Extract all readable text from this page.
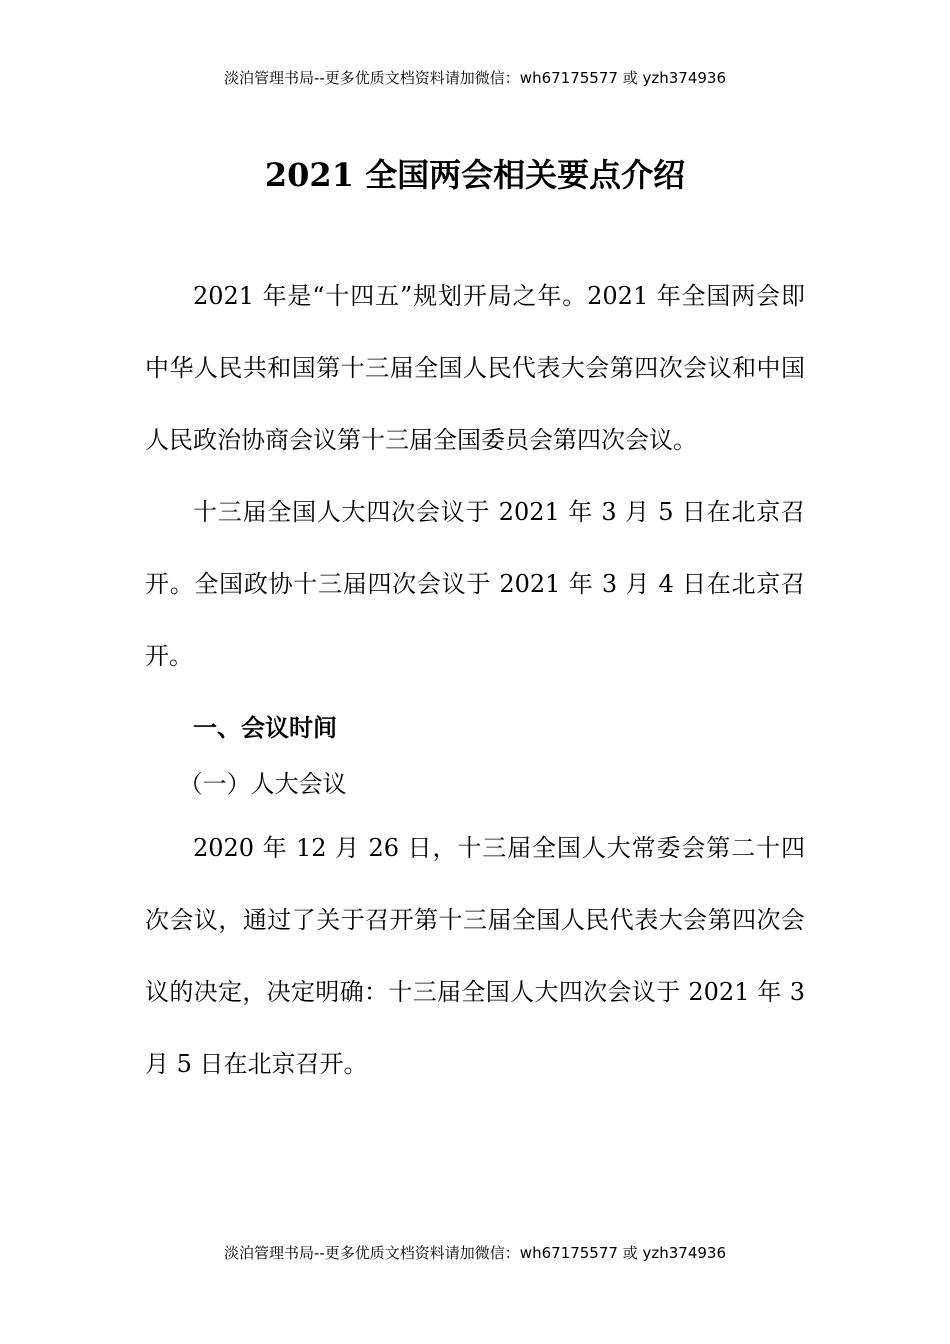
淡泊管理书局--更多优质文档资料请加微信：wh67175577 或 yzh374936
2021 全国两会相关要点介绍

2021 年是“十四五”规划开局之年。2021 年全国两会即中华人民共和国第十三届全国人民代表大会第四次会议和中国人民政治协商会议第十三届全国委员会第四次会议。

十三届全国人大四次会议于 2021 年 3 月 5 日在北京召开。全国政协十三届四次会议于 2021 年 3 月 4 日在北京召开。

一、会议时间

（一）人大会议

2020 年 12 月 26 日，十三届全国人大常委会第二十四次会议，通过了关于召开第十三届全国人民代表大会第四次会议的决定，决定明确：十三届全国人大四次会议于 2021 年 3 月 5 日在北京召开。

淡泊管理书局--更多优质文档资料请加微信：wh67175577 或 yzh374936
